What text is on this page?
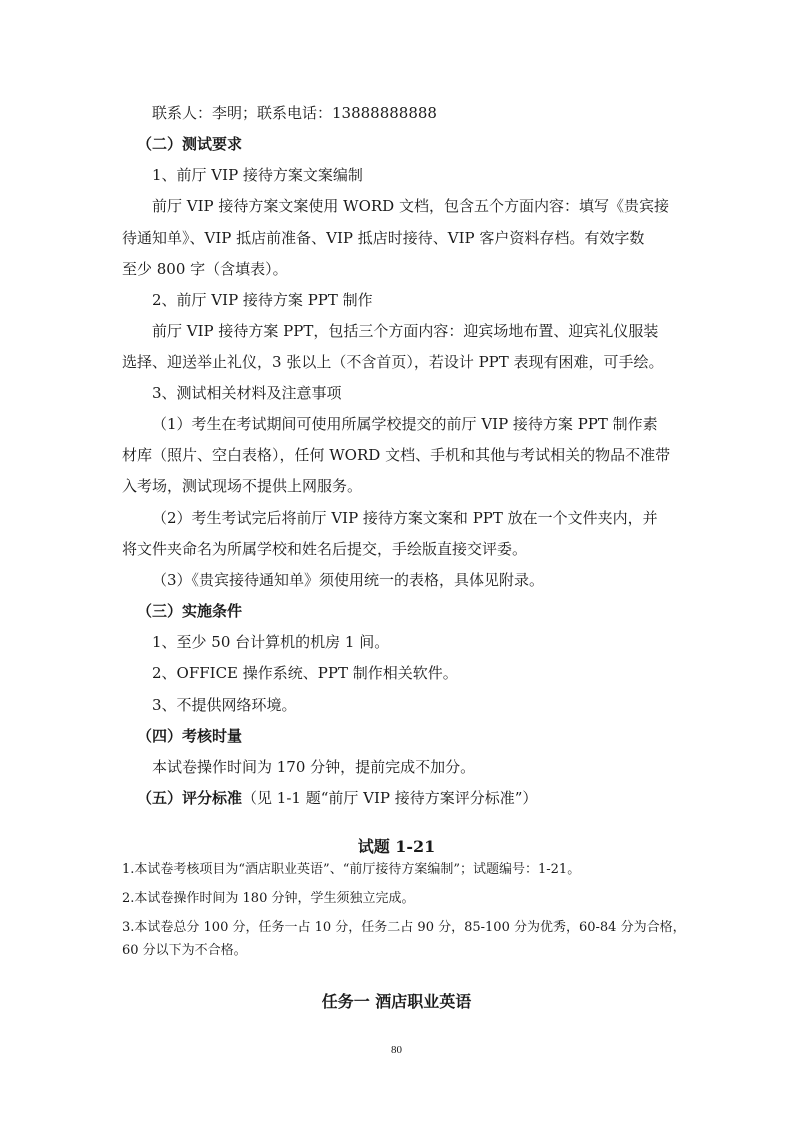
联系人：李明；联系电话：13888888888
（二）测试要求
1、前厅 VIP 接待方案文案编制
前厅 VIP 接待方案文案使用 WORD 文档，包含五个方面内容：填写《贵宾接
待通知单》、VIP 抵店前准备、VIP 抵店时接待、VIP 客户资料存档。有效字数
至少 800 字（含填表）。
2、前厅 VIP 接待方案 PPT 制作
前厅 VIP 接待方案 PPT，包括三个方面内容：迎宾场地布置、迎宾礼仪服装
选择、迎送举止礼仪，3 张以上（不含首页），若设计 PPT 表现有困难，可手绘。
3、测试相关材料及注意事项
（1）考生在考试期间可使用所属学校提交的前厅 VIP 接待方案 PPT 制作素
材库（照片、空白表格），任何 WORD 文档、手机和其他与考试相关的物品不准带
入考场，测试现场不提供上网服务。
（2）考生考试完后将前厅 VIP 接待方案文案和 PPT 放在一个文件夹内，并
将文件夹命名为所属学校和姓名后提交，手绘版直接交评委。
（3）《贵宾接待通知单》须使用统一的表格，具体见附录。
（三）实施条件
1、至少 50 台计算机的机房 1 间。
2、OFFICE 操作系统、PPT 制作相关软件。
3、不提供网络环境。
（四）考核时量
本试卷操作时间为 170 分钟，提前完成不加分。
（五）评分标准（见 1-1 题“前厅 VIP 接待方案评分标准”）
试题 1-21
1.本试卷考核项目为“酒店职业英语”、“前厅接待方案编制”；试题编号：1-21。
2.本试卷操作时间为 180 分钟，学生须独立完成。
3.本试卷总分 100 分，任务一占 10 分，任务二占 90 分，85-100 分为优秀，60-84 分为合格，
60 分以下为不合格。
任务一 酒店职业英语
80
